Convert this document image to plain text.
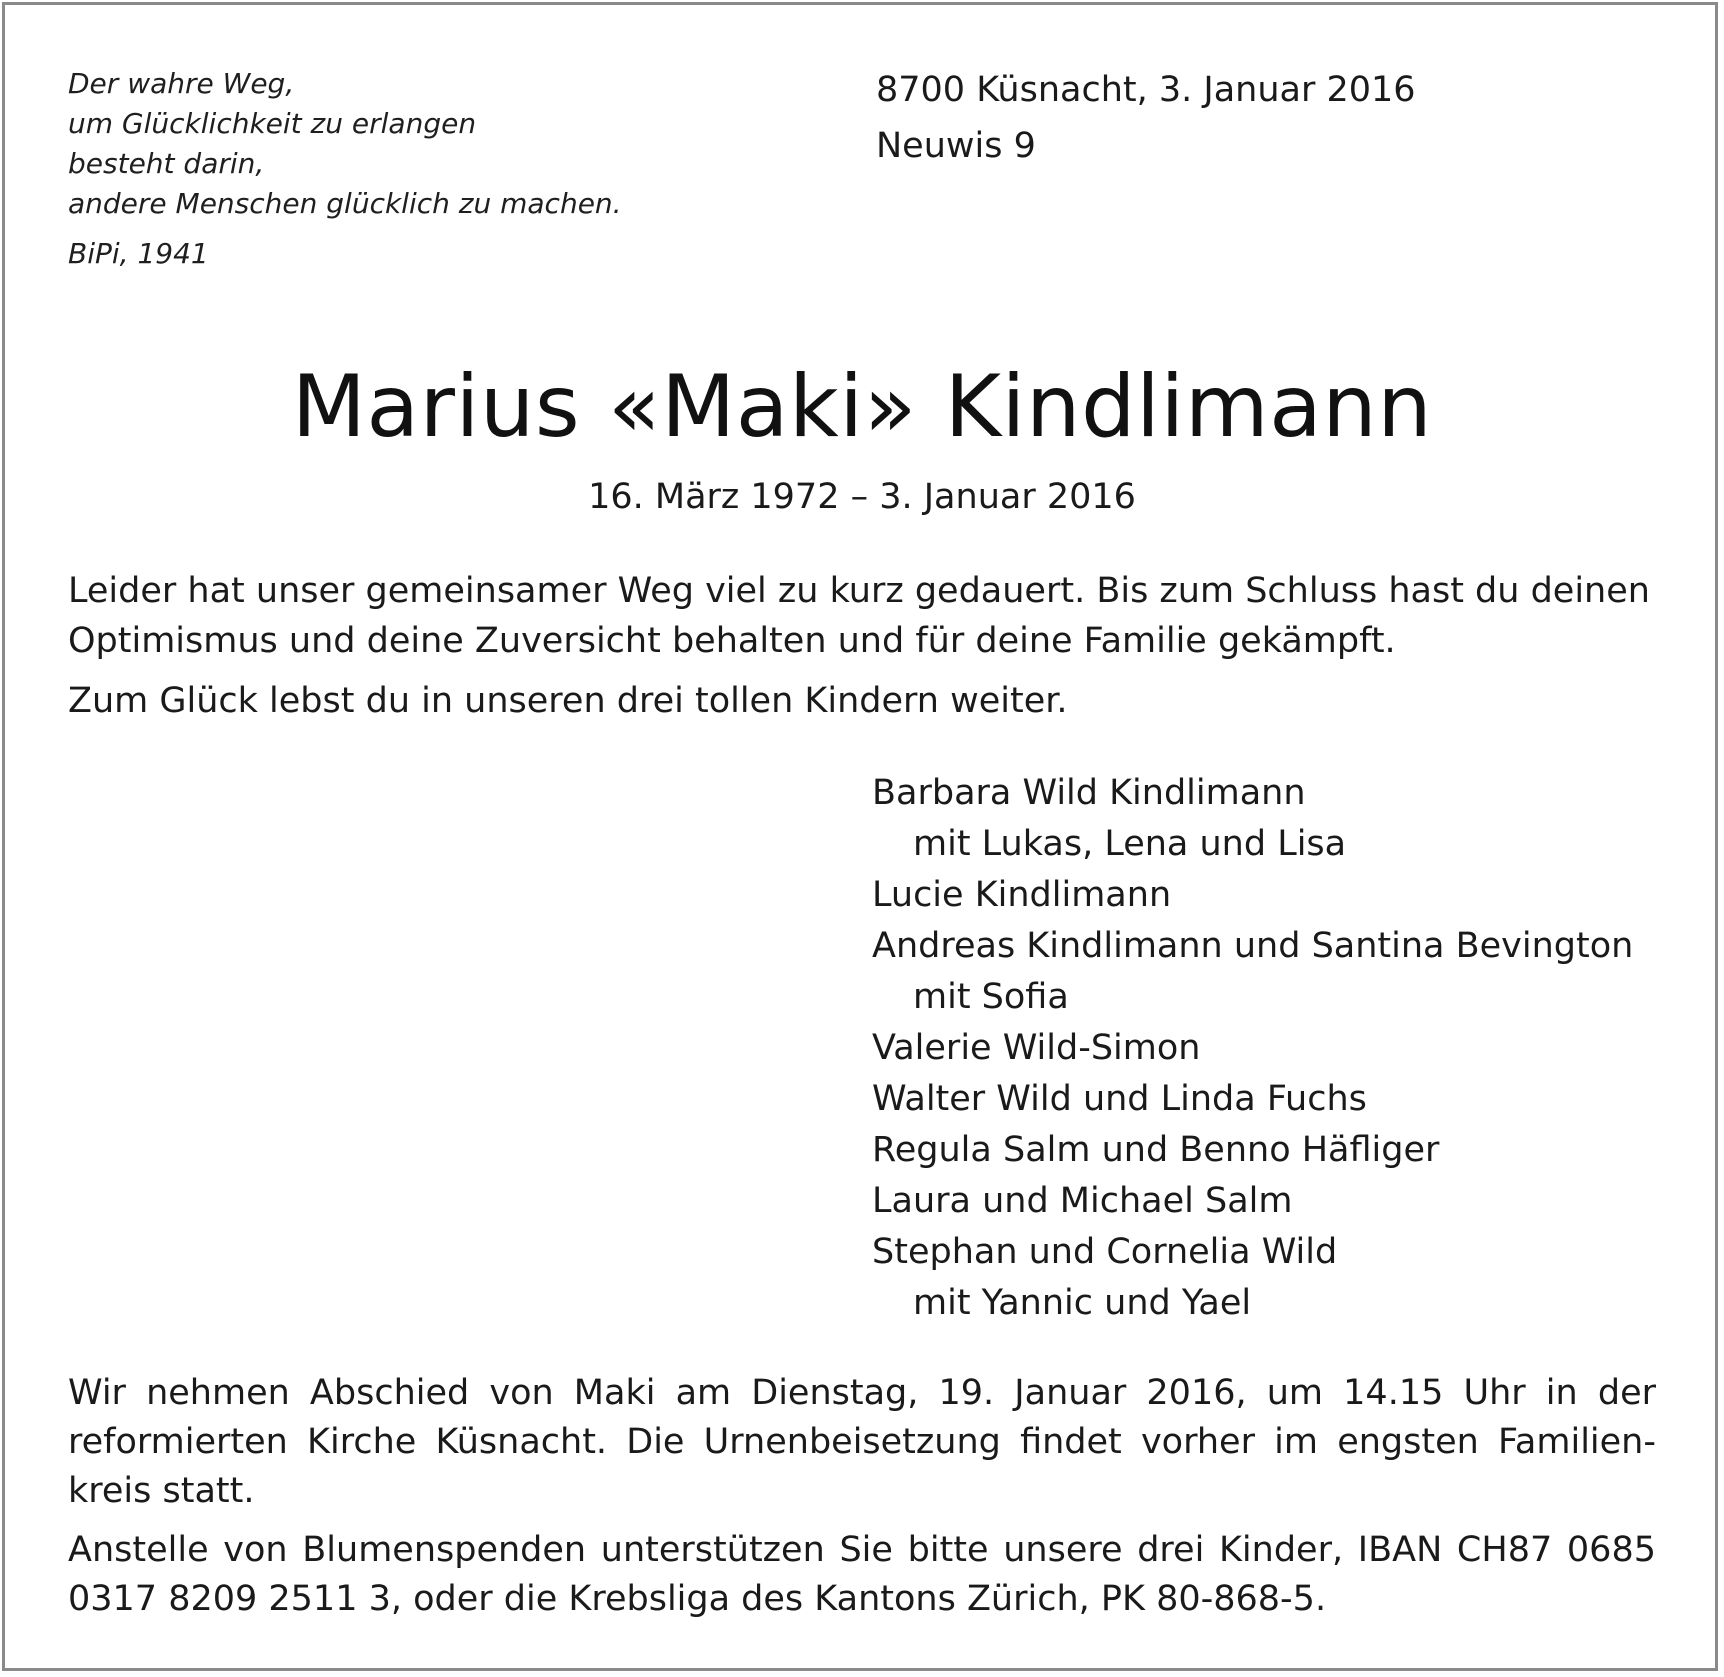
Der wahre Weg,
um Glücklichkeit zu erlangen
besteht darin,
andere Menschen glücklich zu machen.
BiPi, 1941
8700 Küsnacht, 3. Januar 2016
Neuwis 9
Marius «Maki» Kindlimann
16. März 1972 – 3. Januar 2016
Leider hat unser gemeinsamer Weg viel zu kurz gedauert. Bis zum Schluss hast du deinen Optimismus und deine Zuversicht behalten und für deine Familie gekämpft.
Zum Glück lebst du in unseren drei tollen Kindern weiter.
Barbara Wild Kindlimann
mit Lukas, Lena und Lisa
Lucie Kindlimann
Andreas Kindlimann und Santina Bevington
mit Sofia
Valerie Wild-Simon
Walter Wild und Linda Fuchs
Regula Salm und Benno Häfliger
Laura und Michael Salm
Stephan und Cornelia Wild
mit Yannic und Yael
Wir nehmen Abschied von Maki am Dienstag, 19. Januar 2016, um 14.15 Uhr in der
reformierten Kirche Küsnacht. Die Urnenbeisetzung findet vorher im engsten Familien-
kreis statt.
Anstelle von Blumenspenden unterstützen Sie bitte unsere drei Kinder, IBAN CH87 0685
0317 8209 2511 3, oder die Krebsliga des Kantons Zürich, PK 80-868-5.
